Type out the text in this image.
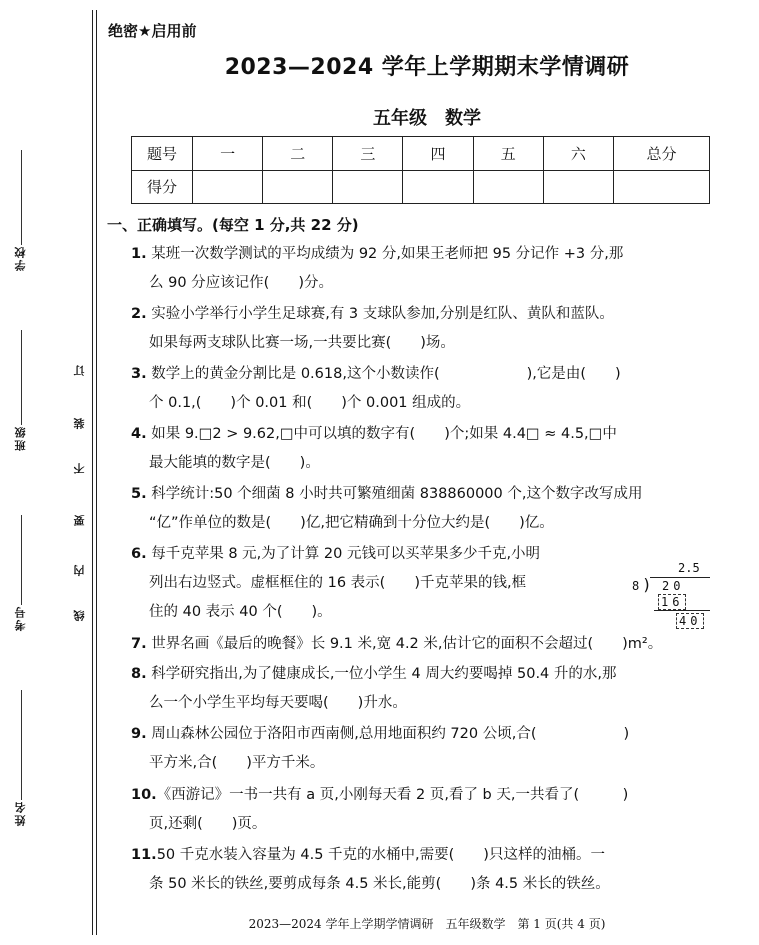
学校
班级
考号
姓名
订
装
不
要
内
线
绝密★启用前
2023—2024 学年上学期期末学情调研
五年级　数学
题号	一	二	三	四	五	六	总分
得分							
一、正确填写。(每空 1 分,共 22 分)
1. 某班一次数学测试的平均成绩为 92 分,如果王老师把 95 分记作 +3 分,那
么 90 分应该记作(　　)分。
2. 实验小学举行小学生足球赛,有 3 支球队参加,分别是红队、黄队和蓝队。
如果每两支球队比赛一场,一共要比赛(　　)场。
3. 数学上的黄金分割比是 0.618,这个小数读作(　　　　　　),它是由(　　)
个 0.1,(　　)个 0.01 和(　　)个 0.001 组成的。
4. 如果 9.□2 > 9.62,□中可以填的数字有(　　)个;如果 4.4□ ≈ 4.5,□中
最大能填的数字是(　　)。
5. 科学统计:50 个细菌 8 小时共可繁殖细菌 838860000 个,这个数字改写成用
“亿”作单位的数是(　　)亿,把它精确到十分位大约是(　　)亿。
6. 每千克苹果 8 元,为了计算 20 元钱可以买苹果多少千克,小明
列出右边竖式。虚框框住的 16 表示(　　)千克苹果的钱,框
住的 40 表示 40 个(　　)。
2.5
8 ) 20
16
40
7. 世界名画《最后的晚餐》长 9.1 米,宽 4.2 米,估计它的面积不会超过(　　)m²。
8. 科学研究指出,为了健康成长,一位小学生 4 周大约要喝掉 50.4 升的水,那
么一个小学生平均每天要喝(　　)升水。
9. 周山森林公园位于洛阳市西南侧,总用地面积约 720 公顷,合(　　　　　　)
平方米,合(　　)平方千米。
10.《西游记》一书一共有 a 页,小刚每天看 2 页,看了 b 天,一共看了(　　　)
页,还剩(　　)页。
11.50 千克水装入容量为 4.5 千克的水桶中,需要(　　)只这样的油桶。一
条 50 米长的铁丝,要剪成每条 4.5 米长,能剪(　　)条 4.5 米长的铁丝。
2023—2024 学年上学期学情调研　五年级数学　第 1 页(共 4 页)
